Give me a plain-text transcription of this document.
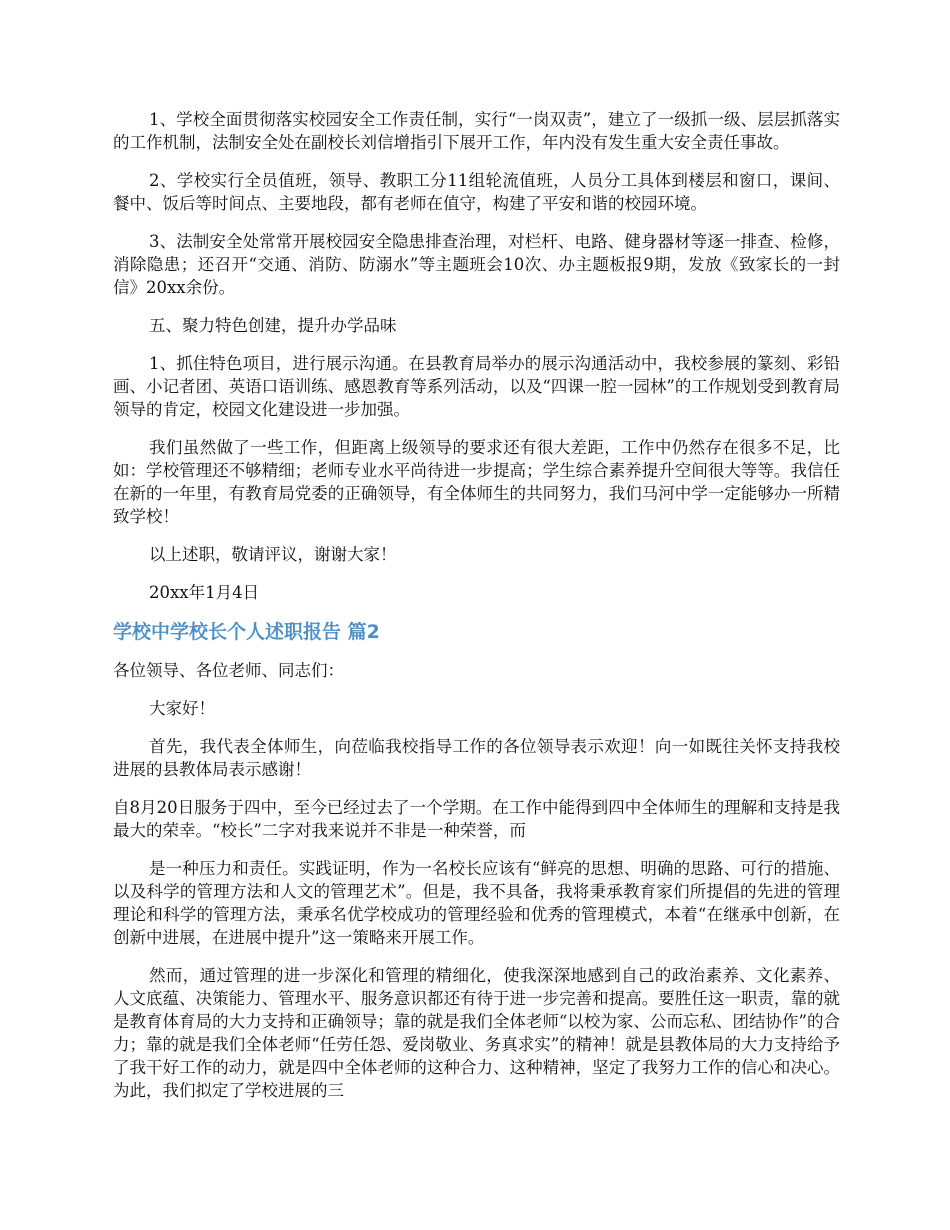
1、学校全面贯彻落实校园安全工作责任制，实行“一岗双责”，建立了一级抓一级、层层抓落实的工作机制，法制安全处在副校长刘信增指引下展开工作，年内没有发生重大安全责任事故。

2、学校实行全员值班，领导、教职工分11组轮流值班，人员分工具体到楼层和窗口，课间、餐中、饭后等时间点、主要地段，都有老师在值守，构建了平安和谐的校园环境。

3、法制安全处常常开展校园安全隐患排查治理，对栏杆、电路、健身器材等逐一排查、检修，消除隐患；还召开“交通、消防、防溺水”等主题班会10次、办主题板报9期，发放《致家长的一封信》20xx余份。

五、聚力特色创建，提升办学品味

1、抓住特色项目，进行展示沟通。在县教育局举办的展示沟通活动中，我校参展的篆刻、彩铅画、小记者团、英语口语训练、感恩教育等系列活动，以及“四课一腔一园林”的工作规划受到教育局领导的肯定，校园文化建设进一步加强。

我们虽然做了一些工作，但距离上级领导的要求还有很大差距，工作中仍然存在很多不足，比如：学校管理还不够精细；老师专业水平尚待进一步提高；学生综合素养提升空间很大等等。我信任在新的一年里，有教育局党委的正确领导，有全体师生的共同努力，我们马河中学一定能够办一所精致学校！

以上述职，敬请评议，谢谢大家！

20xx年1月4日

学校中学校长个人述职报告 篇2

各位领导、各位老师、同志们：

大家好！

首先，我代表全体师生，向莅临我校指导工作的各位领导表示欢迎！向一如既往关怀支持我校进展的县教体局表示感谢！

自8月20日服务于四中，至今已经过去了一个学期。在工作中能得到四中全体师生的理解和支持是我最大的荣幸。“校长”二字对我来说并不非是一种荣誉，而

是一种压力和责任。实践证明，作为一名校长应该有“鲜亮的思想、明确的思路、可行的措施、以及科学的管理方法和人文的管理艺术”。但是，我不具备，我将秉承教育家们所提倡的先进的管理理论和科学的管理方法，秉承名优学校成功的管理经验和优秀的管理模式，本着“在继承中创新，在创新中进展，在进展中提升”这一策略来开展工作。

然而，通过管理的进一步深化和管理的精细化，使我深深地感到自己的政治素养、文化素养、人文底蕴、决策能力、管理水平、服务意识都还有待于进一步完善和提高。要胜任这一职责，靠的就是教育体育局的大力支持和正确领导；靠的就是我们全体老师“以校为家、公而忘私、团结协作”的合力；靠的就是我们全体老师“任劳任怨、爱岗敬业、务真求实”的精神！就是县教体局的大力支持给予了我干好工作的动力，就是四中全体老师的这种合力、这种精神，坚定了我努力工作的信心和决心。为此，我们拟定了学校进展的三
